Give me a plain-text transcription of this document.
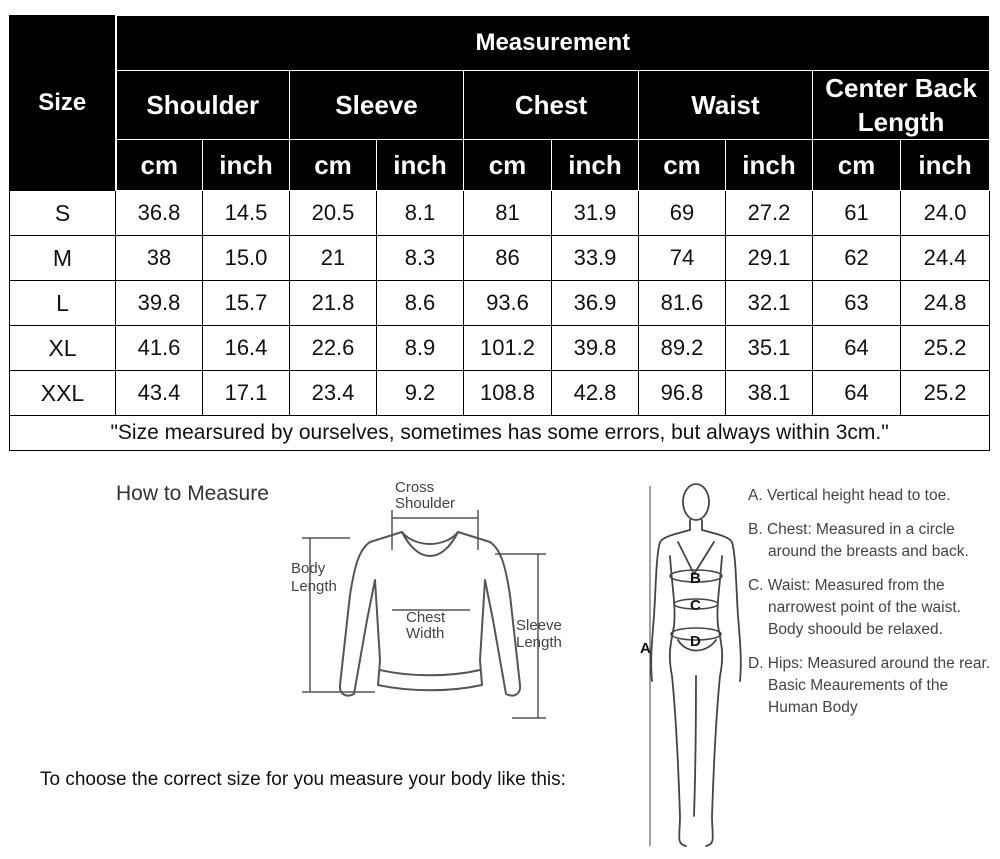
Size	Measurement									
	Shoulder		Sleeve		Chest		Waist		Center Back Length	
	cm	inch	cm	inch	cm	inch	cm	inch	cm	inch
S	36.8	14.5	20.5	8.1	81	31.9	69	27.2	61	24.0
M	38	15.0	21	8.3	86	33.9	74	29.1	62	24.4
L	39.8	15.7	21.8	8.6	93.6	36.9	81.6	32.1	63	24.8
XL	41.6	16.4	22.6	8.9	101.2	39.8	89.2	35.1	64	25.2
XXL	43.4	17.1	23.4	9.2	108.8	42.8	96.8	38.1	64	25.2
"Size mearsured by ourselves, sometimes has some errors, but always within 3cm."										
How to Measure	Cross
Shoulder
Body
Length
Chest
Width	Sleeve
Length
To choose the correct size for you measure your body like this:
A
B
C
D

A. Vertical height head to toe.

B. Chest: Measured in a circle around the breasts and back.

C. Waist: Measured from the narrowest point of the waist. Body shoould be relaxed.

D. Hips: Measured around the rear. Basic Meaurements of the Human Body
